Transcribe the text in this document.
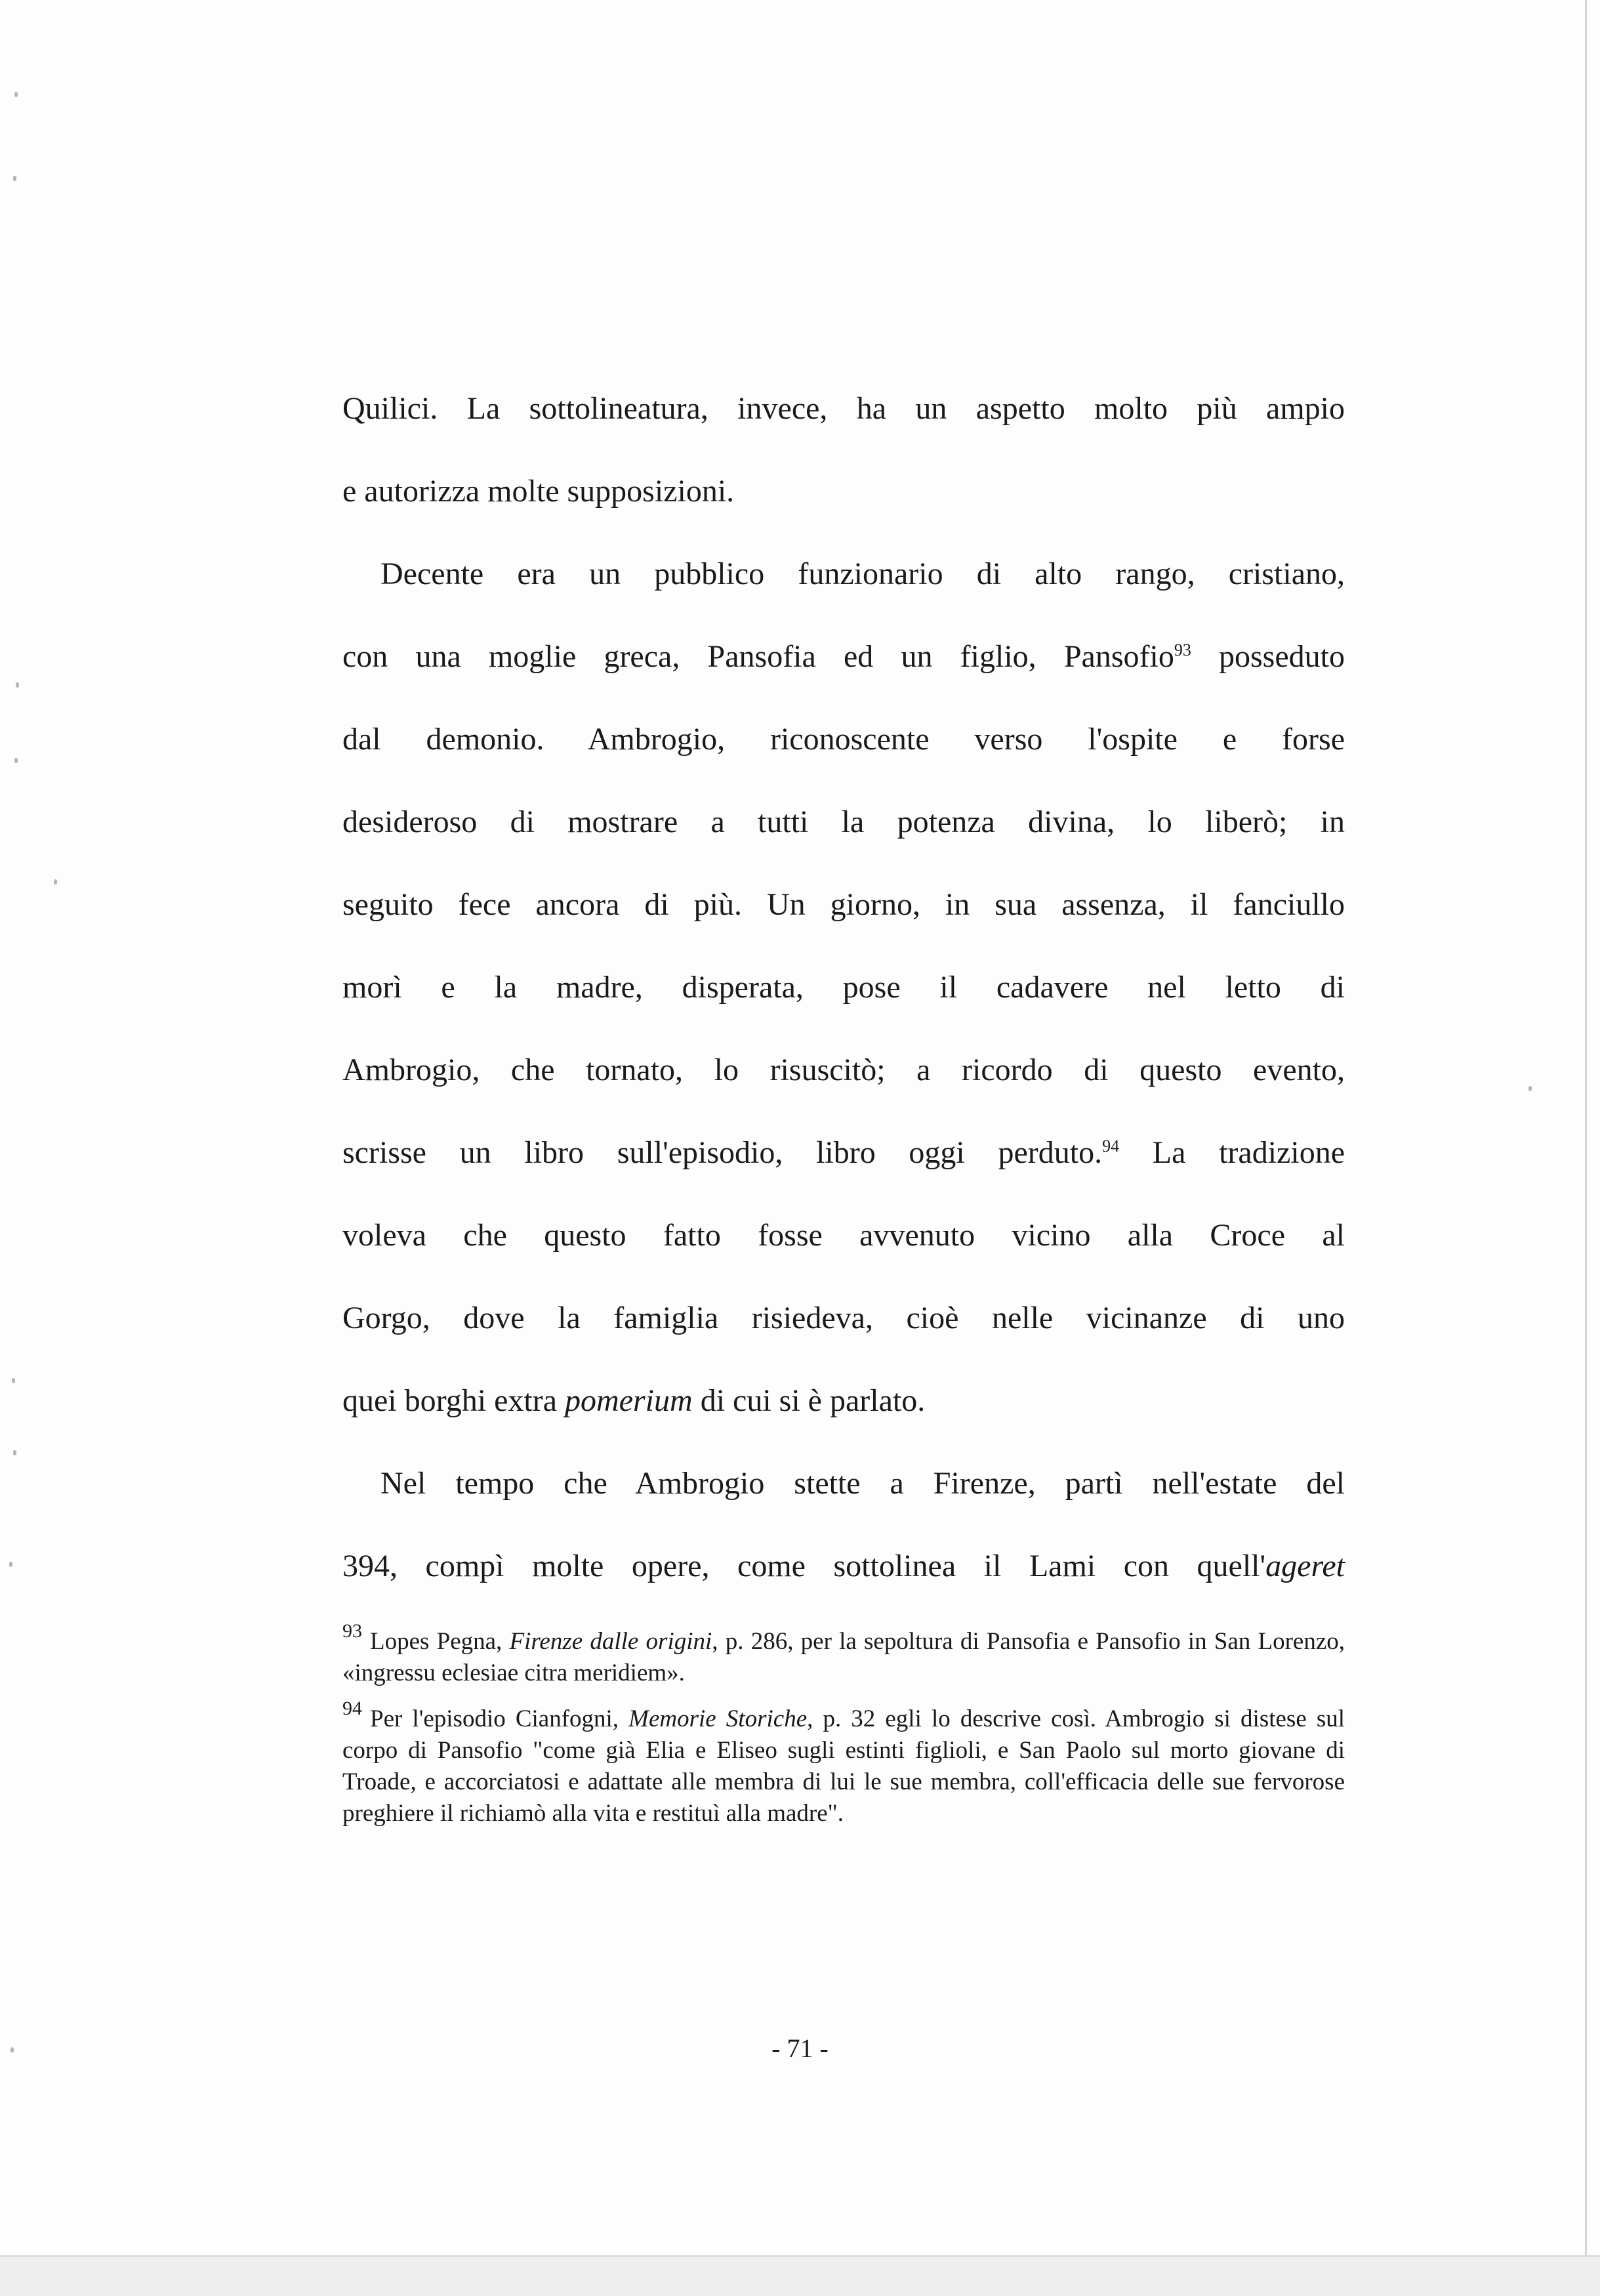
Quilici. La sottolineatura, invece, ha un aspetto molto più ampio
e autorizza molte supposizioni.

Decente era un pubblico funzionario di alto rango, cristiano,
con una moglie greca, Pansofia ed un figlio, Pansofio$^{93}$ posseduto
dal demonio. Ambrogio, riconoscente verso l'ospite e forse
desideroso di mostrare a tutti la potenza divina, lo liberò; in
seguito fece ancora di più. Un giorno, in sua assenza, il fanciullo
morì e la madre, disperata, pose il cadavere nel letto di
Ambrogio, che tornato, lo risuscitò; a ricordo di questo evento,
scrisse un libro sull'episodio, libro oggi perduto.$^{94}$ La tradizione
voleva che questo fatto fosse avvenuto vicino alla Croce al
Gorgo, dove la famiglia risiedeva, cioè nelle vicinanze di uno
quei borghi extra pomerium di cui si è parlato.

Nel tempo che Ambrogio stette a Firenze, partì nell'estate del
394, compì molte opere, come sottolinea il Lami con quell'ageret

$^{93}$ Lopes Pegna, Firenze dalle origini, p. 286, per la sepoltura di Pansofia e Pansofio in San Lorenzo, «ingressu eclesiae citra meridiem».

$^{94}$ Per l'episodio Cianfogni, Memorie Storiche, p. 32 egli lo descrive così. Ambrogio si distese sul corpo di Pansofio "come già Elia e Eliseo sugli estinti figlioli, e San Paolo sul morto giovane di Troade, e accorciatosi e adattate alle membra di lui le sue membra, coll'efficacia delle sue fervorose preghiere il richiamò alla vita e restituì alla madre".

- 71 -
